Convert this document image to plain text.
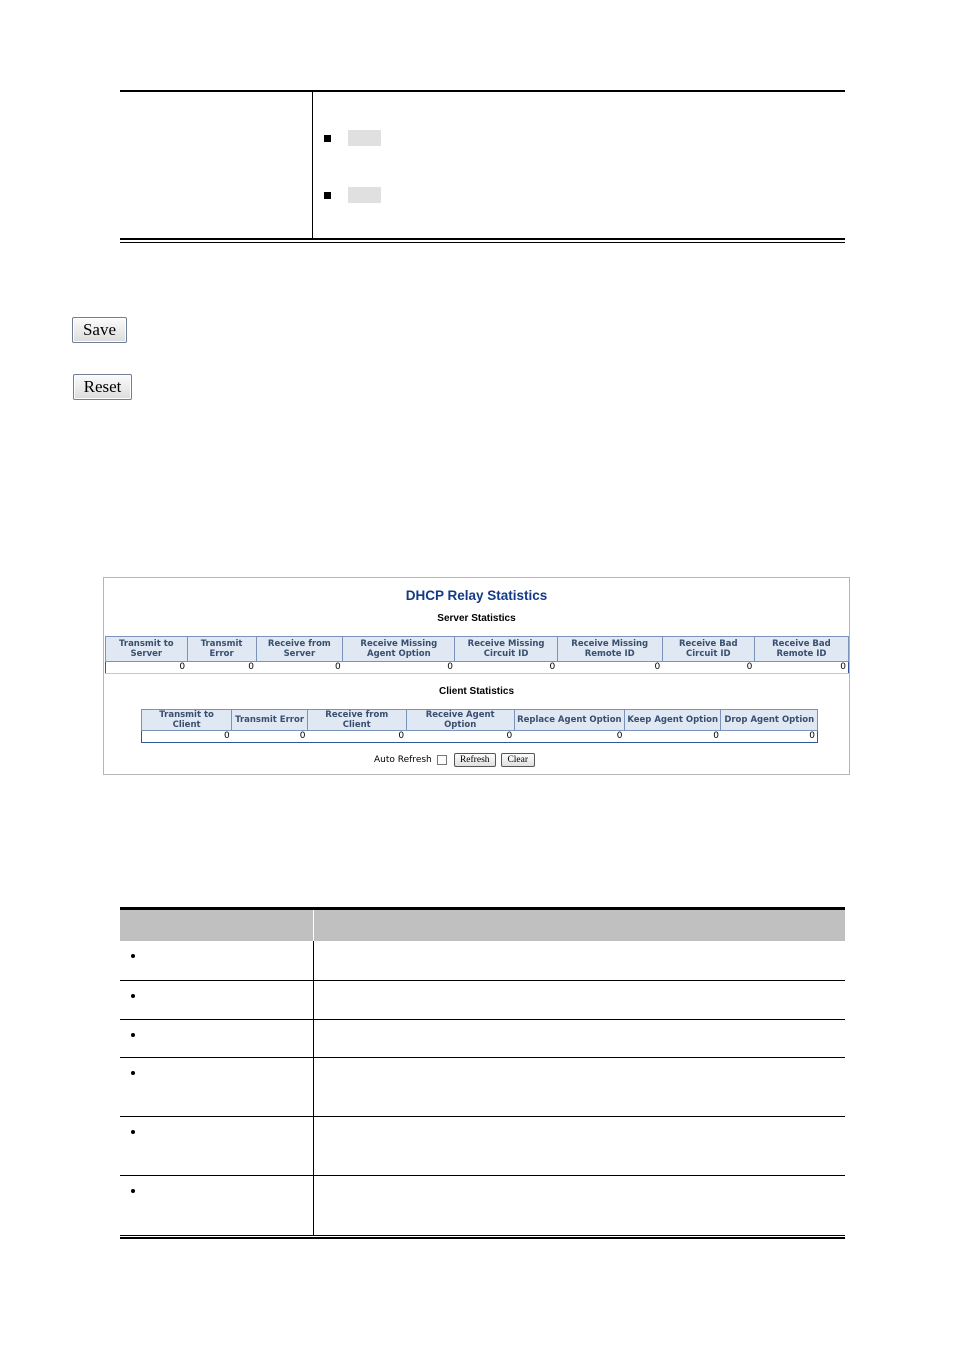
Save
Reset
DHCP Relay Statistics
Server Statistics
Transmit to Server	Transmit Error	Receive from Server	Receive Missing Agent Option	Receive Missing Circuit ID	Receive Missing Remote ID	Receive Bad Circuit ID	Receive Bad Remote ID
0	0	0	0	0	0	0	0
Client Statistics
Transmit to Client	Transmit Error	Receive from Client	Receive Agent Option	Replace Agent Option	Keep Agent Option	Drop Agent Option
0	0	0	0	0	0	0
Auto Refresh	Refresh	Clear
